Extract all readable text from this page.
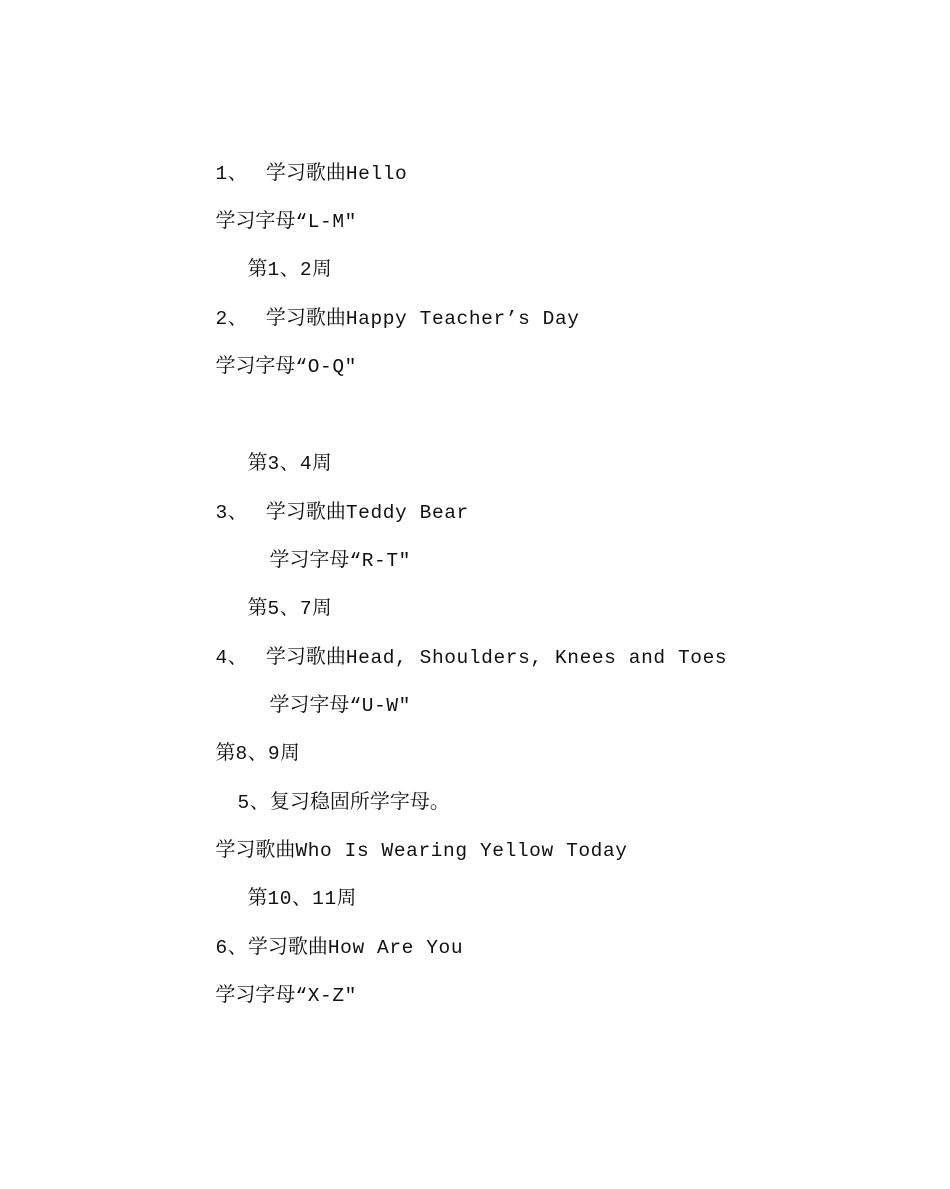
1、 学习歌曲Hello

学习字母“L-M″

第1、2周

2、 学习歌曲Happy Teacher’s Day

学习字母“O-Q″

第3、4周

3、 学习歌曲Teddy Bear

学习字母“R-T″

第5、7周

4、 学习歌曲Head, Shoulders, Knees and Toes

学习字母“U-W″

第8、9周

5、复习稳固所学字母。

学习歌曲Who Is Wearing Yellow Today

第10、11周

6、学习歌曲How Are You

学习字母“X-Z″
